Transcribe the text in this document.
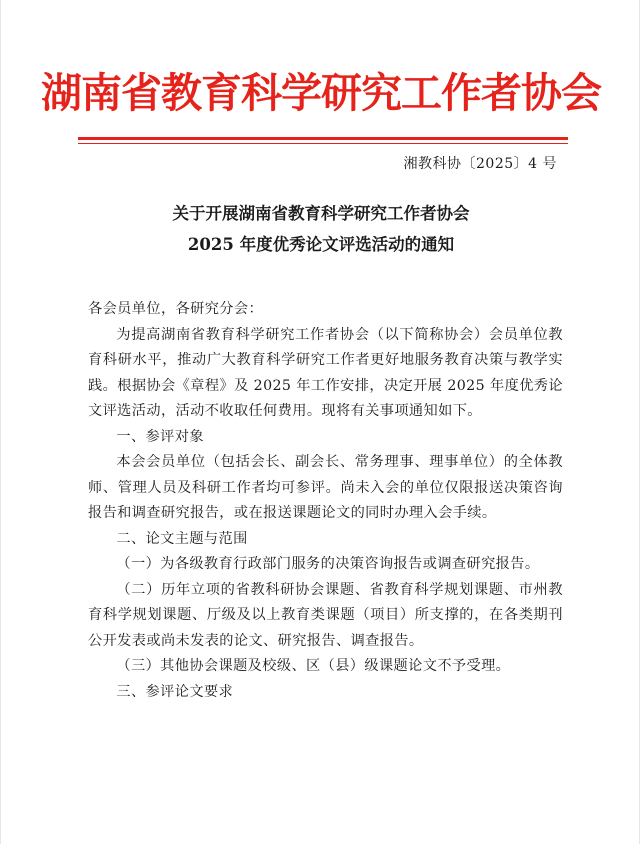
湖南省教育科学研究工作者协会
湘教科协〔2025〕4 号
关于开展湖南省教育科学研究工作者协会
2025 年度优秀论文评选活动的通知

各会员单位，各研究分会：

为提高湖南省教育科学研究工作者协会（以下简称协会）会员单位教育科研水平，推动广大教育科学研究工作者更好地服务教育决策与教学实践。根据协会《章程》及 2025 年工作安排，决定开展 2025 年度优秀论文评选活动，活动不收取任何费用。现将有关事项通知如下。

一、参评对象

本会会员单位（包括会长、副会长、常务理事、理事单位）的全体教师、管理人员及科研工作者均可参评。尚未入会的单位仅限报送决策咨询报告和调查研究报告，或在报送课题论文的同时办理入会手续。

二、论文主题与范围

（一）为各级教育行政部门服务的决策咨询报告或调查研究报告。

（二）历年立项的省教科研协会课题、省教育科学规划课题、市州教育科学规划课题、厅级及以上教育类课题（项目）所支撑的，在各类期刊公开发表或尚未发表的论文、研究报告、调查报告。

（三）其他协会课题及校级、区（县）级课题论文不予受理。

三、参评论文要求
